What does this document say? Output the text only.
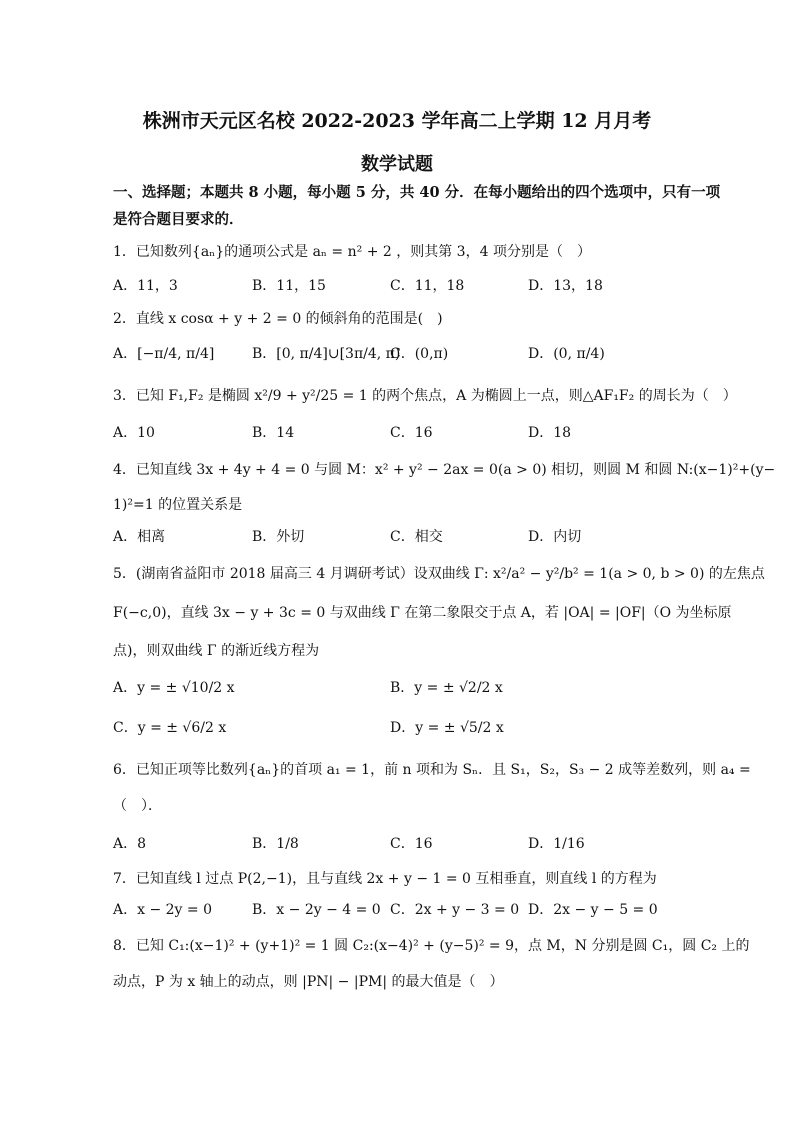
株洲市天元区名校 2022-2023 学年高二上学期 12 月月考
数学试题
一、选择题；本题共 8 小题，每小题 5 分，共 40 分．在每小题给出的四个选项中，只有一项
是符合题目要求的．
1．已知数列{aₙ}的通项公式是 aₙ = n² + 2 ，则其第 3，4 项分别是（　）
A．11，3	B．11，15	C．11，18	D．13，18
2．直线 x cosα + y + 2 = 0 的倾斜角的范围是(　)
A．[−π/4, π/4]	B．[0, π/4]∪[3π/4, π)
C．(0,π)	D．(0, π/4)
3．已知 F₁,F₂ 是椭圆 x²/9 + y²/25 = 1 的两个焦点，A 为椭圆上一点，则△AF₁F₂ 的周长为（　）
A．10	B．14	C．16	D．18
4．已知直线 3x + 4y + 4 = 0 与圆 M：x² + y² − 2ax = 0(a > 0) 相切，则圆 M 和圆 N:(x−1)²+(y−
1)²=1 的位置关系是
A．相离	B．外切	C．相交	D．内切
5．(湖南省益阳市 2018 届高三 4 月调研考试）设双曲线 Γ: x²/a² − y²/b² = 1(a > 0, b > 0) 的左焦点
F(−c,0)，直线 3x − y + 3c = 0 与双曲线 Γ 在第二象限交于点 A，若 |OA| = |OF|（O 为坐标原
点)，则双曲线 Γ 的渐近线方程为
A．y = ± √10/2 x	B．y = ± √2/2 x
C．y = ± √6/2 x	D．y = ± √5/2 x
6．已知正项等比数列{aₙ}的首项 a₁ = 1，前 n 项和为 Sₙ．且 S₁，S₂，S₃ − 2 成等差数列，则 a₄ =
（　）．
A．8	B．1/8	C．16	D．1/16
7．已知直线 l 过点 P(2,−1)，且与直线 2x + y − 1 = 0 互相垂直，则直线 l 的方程为
A．x − 2y = 0	B．x − 2y − 4 = 0 C．2x + y − 3 = 0 D．2x − y − 5 = 0
8．已知 C₁:(x−1)² + (y+1)² = 1 圆 C₂:(x−4)² + (y−5)² = 9，点 M，N 分别是圆 C₁，圆 C₂ 上的
动点，P 为 x 轴上的动点，则 |PN| − |PM| 的最大值是（　）
